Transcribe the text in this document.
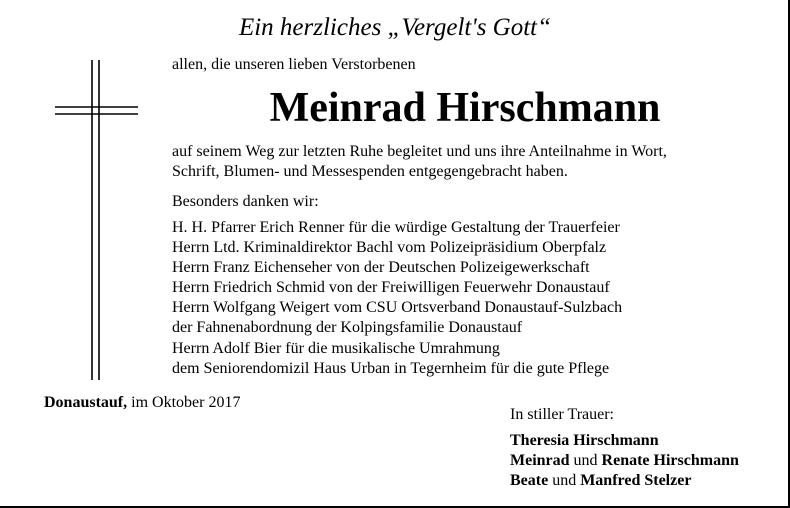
Ein herzliches „Vergelt's Gott“
allen, die unseren lieben Verstorbenen
Meinrad Hirschmann
auf seinem Weg zur letzten Ruhe begleitet und uns ihre Anteilnahme in Wort,
Schrift, Blumen- und Messespenden entgegengebracht haben.
Besonders danken wir:
H. H. Pfarrer Erich Renner für die würdige Gestaltung der Trauerfeier
Herrn Ltd. Kriminaldirektor Bachl vom Polizeipräsidium Oberpfalz
Herrn Franz Eichenseher von der Deutschen Polizeigewerkschaft
Herrn Friedrich Schmid von der Freiwilligen Feuerwehr Donaustauf
Herrn Wolfgang Weigert vom CSU Ortsverband Donaustauf-Sulzbach
der Fahnenabordnung der Kolpingsfamilie Donaustauf
Herrn Adolf Bier für die musikalische Umrahmung
dem Seniorendomizil Haus Urban in Tegernheim für die gute Pflege
Donaustauf, im Oktober 2017
In stiller Trauer:
Theresia Hirschmann
Meinrad und Renate Hirschmann
Beate und Manfred Stelzer
